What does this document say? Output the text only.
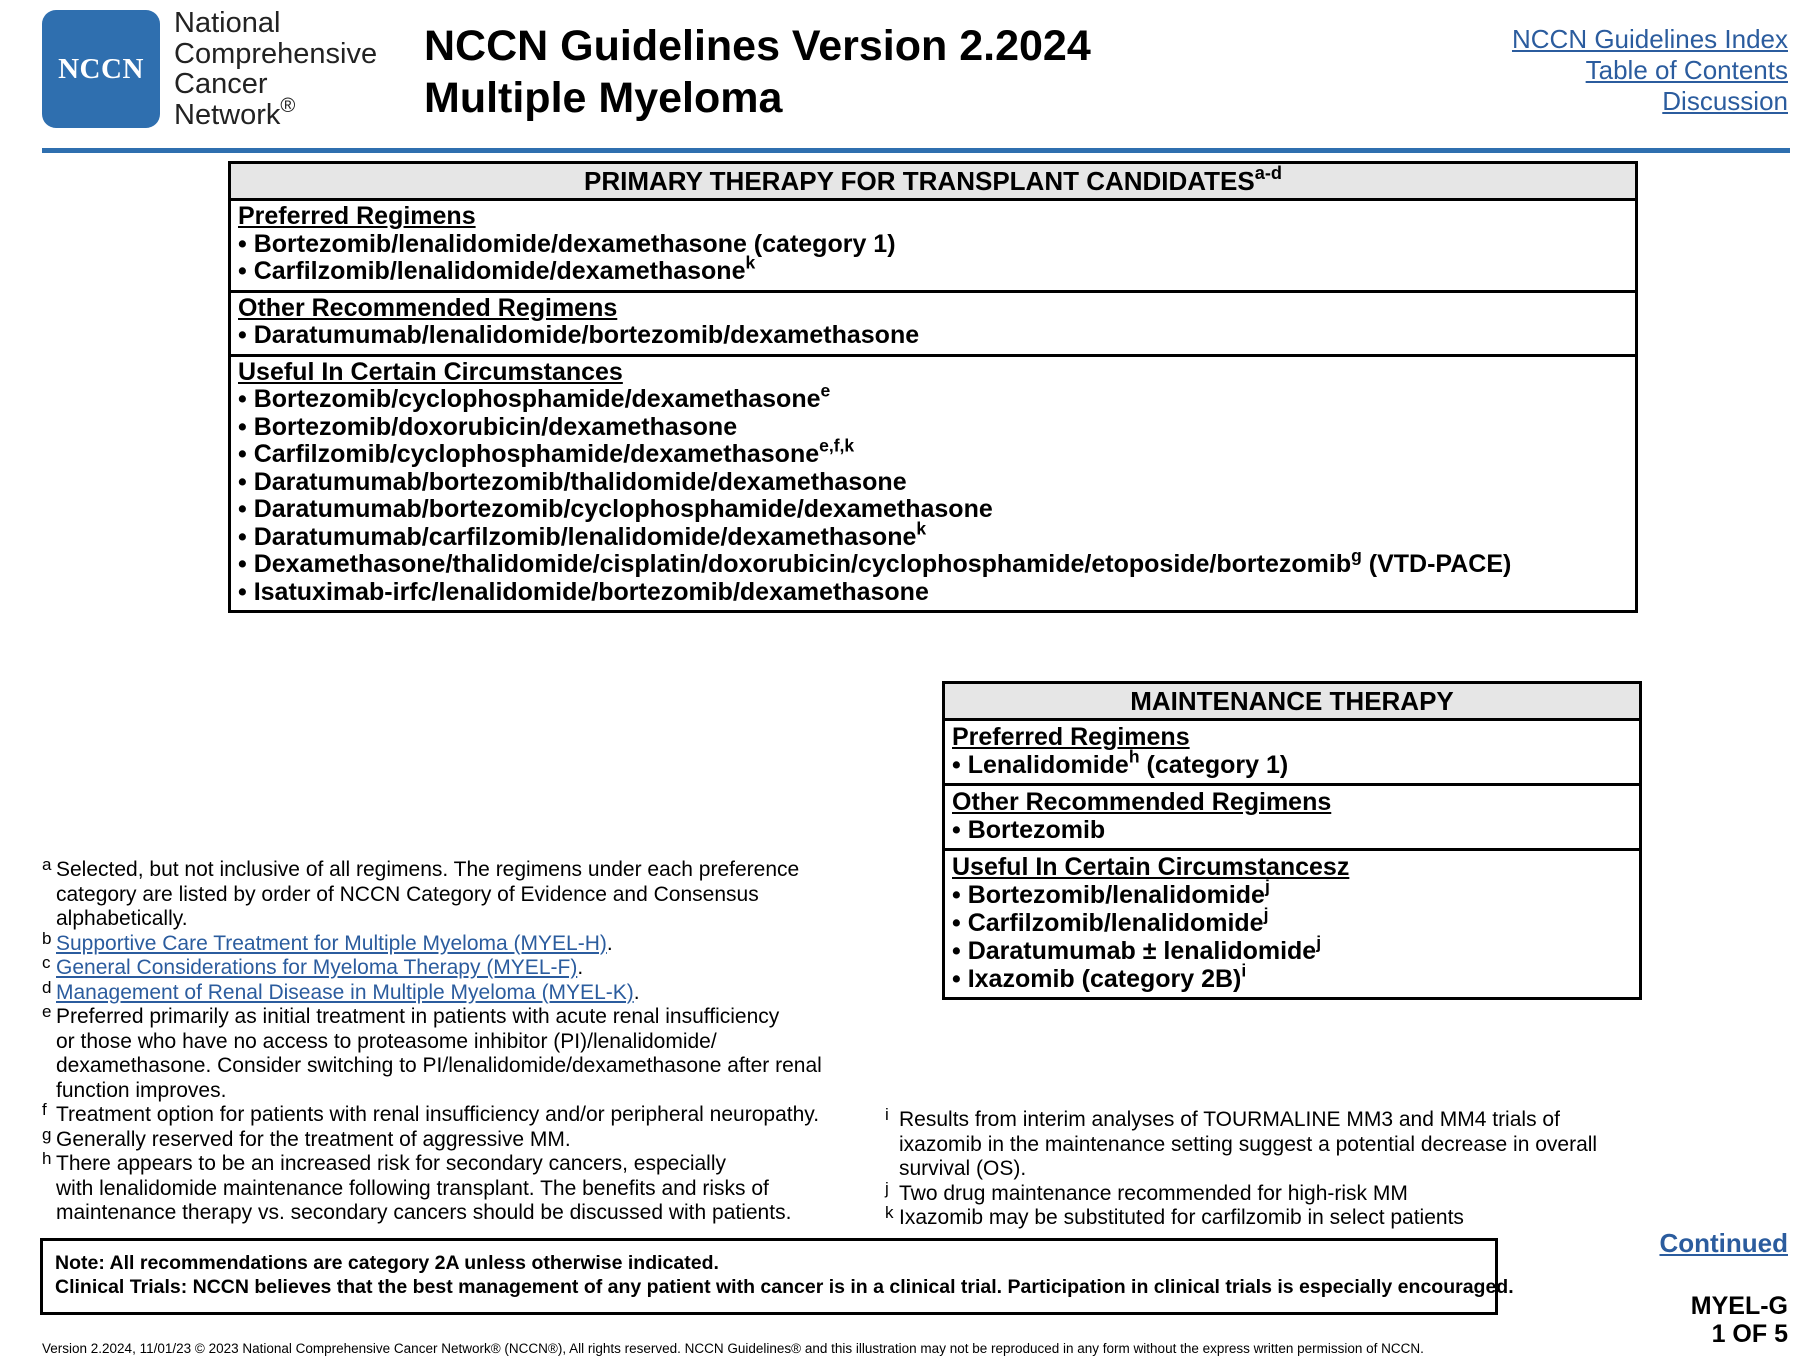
NCCN
National
Comprehensive
Cancer
Network®
NCCN Guidelines Version 2.2024
Multiple Myeloma
NCCN Guidelines Index
Table of Contents
Discussion
PRIMARY THERAPY FOR TRANSPLANT CANDIDATES$^{a-d}$
Preferred Regimens
• Bortezomib/lenalidomide/dexamethasone (category 1)
• Carfilzomib/lenalidomide/dexamethasone$^k$
Other Recommended Regimens
• Daratumumab/lenalidomide/bortezomib/dexamethasone
Useful In Certain Circumstances
• Bortezomib/cyclophosphamide/dexamethasone$^e$
• Bortezomib/doxorubicin/dexamethasone
• Carfilzomib/cyclophosphamide/dexamethasone$^{e,f,k}$
• Daratumumab/bortezomib/thalidomide/dexamethasone
• Daratumumab/bortezomib/cyclophosphamide/dexamethasone
• Daratumumab/carfilzomib/lenalidomide/dexamethasone$^k$
• Dexamethasone/thalidomide/cisplatin/doxorubicin/cyclophosphamide/etoposide/bortezomib$^g$ (VTD-PACE)
• Isatuximab-irfc/lenalidomide/bortezomib/dexamethasone
MAINTENANCE THERAPY
Preferred Regimens
• Lenalidomide$^h$ (category 1)
Other Recommended Regimens
• Bortezomib
Useful In Certain Circumstancesz
• Bortezomib/lenalidomide$^j$
• Carfilzomib/lenalidomide$^j$
• Daratumumab ± lenalidomide$^j$
• Ixazomib (category 2B)$^i$
a Selected, but not inclusive of all regimens. The regimens under each preference
category are listed by order of NCCN Category of Evidence and Consensus
alphabetically.
b Supportive Care Treatment for Multiple Myeloma (MYEL-H).
c General Considerations for Myeloma Therapy (MYEL-F).
d Management of Renal Disease in Multiple Myeloma (MYEL-K).
e Preferred primarily as initial treatment in patients with acute renal insufficiency
or those who have no access to proteasome inhibitor (PI)/lenalidomide/
dexamethasone. Consider switching to PI/lenalidomide/dexamethasone after renal
function improves.
f Treatment option for patients with renal insufficiency and/or peripheral neuropathy.
g Generally reserved for the treatment of aggressive MM.
h There appears to be an increased risk for secondary cancers, especially
with lenalidomide maintenance following transplant. The benefits and risks of
maintenance therapy vs. secondary cancers should be discussed with patients.
i Results from interim analyses of TOURMALINE MM3 and MM4 trials of
ixazomib in the maintenance setting suggest a potential decrease in overall
survival (OS).
j Two drug maintenance recommended for high-risk MM
k Ixazomib may be substituted for carfilzomib in select patients
Continued
Note: All recommendations are category 2A unless otherwise indicated.
Clinical Trials: NCCN believes that the best management of any patient with cancer is in a clinical trial. Participation in clinical trials is especially encouraged.
MYEL-G
1 OF 5
Version 2.2024, 11/01/23 © 2023 National Comprehensive Cancer Network® (NCCN®), All rights reserved. NCCN Guidelines® and this illustration may not be reproduced in any form without the express written permission of NCCN.
